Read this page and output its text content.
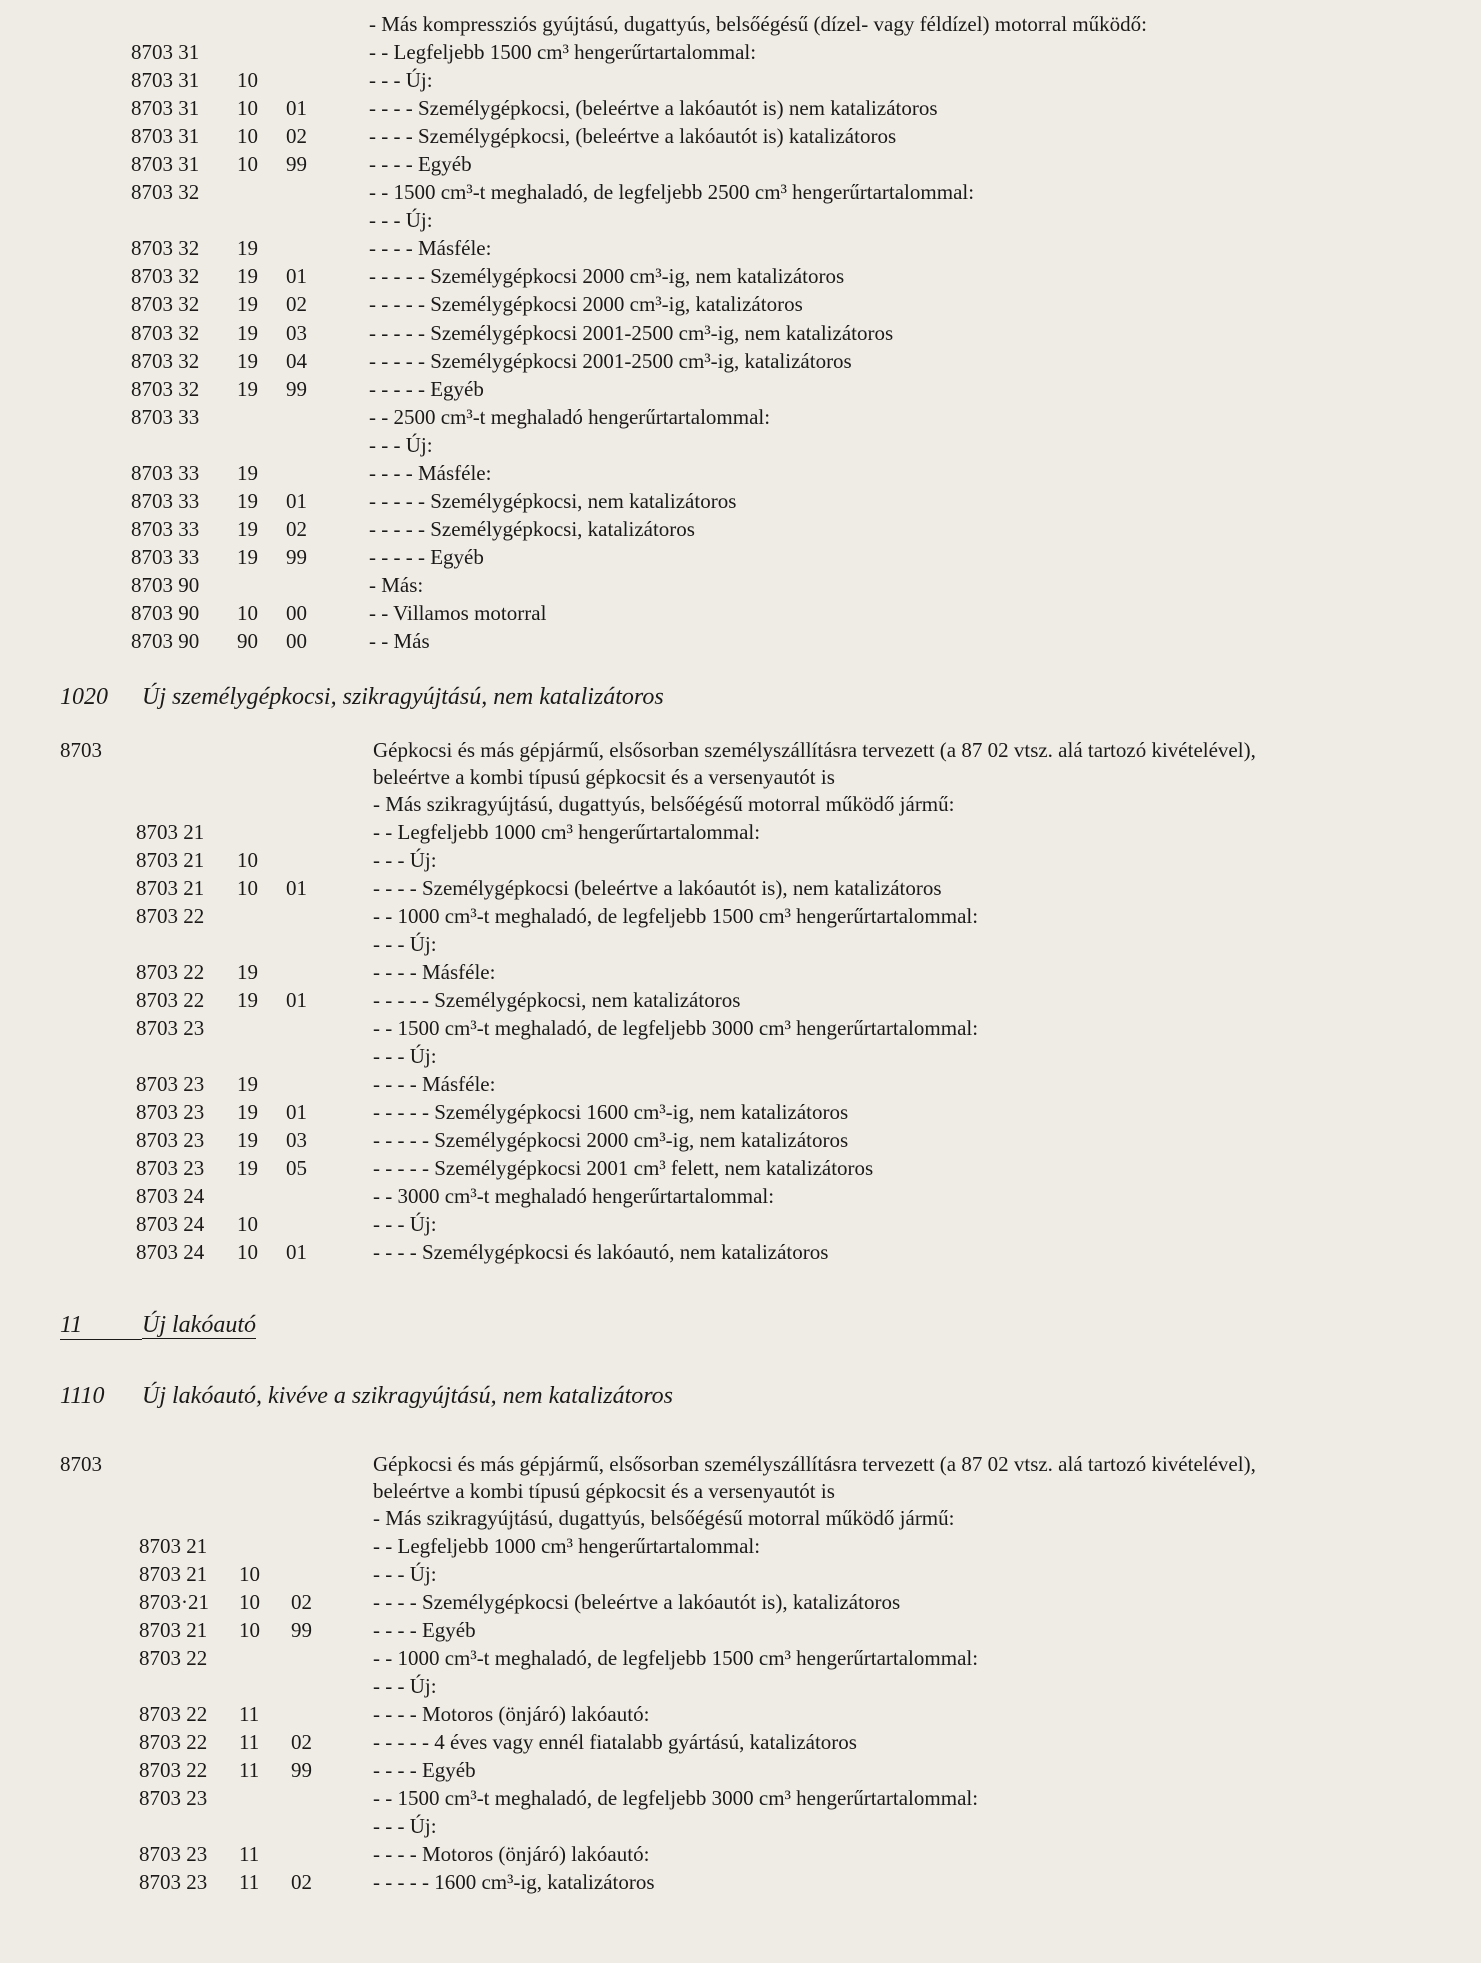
- Más kompressziós gyújtású, dugattyús, belsőégésű (dízel- vagy féldízel) motorral működő:
8703 31	- - Legfeljebb 1500 cm³ hengerűrtartalommal:
8703 31 10	- - - Új:
8703 31 10 01	- - - - Személygépkocsi, (beleértve a lakóautót is) nem katalizátoros
8703 31 10 02	- - - - Személygépkocsi, (beleértve a lakóautót is) katalizátoros
8703 31 10 99	- - - - Egyéb
8703 32	- - 1500 cm³-t meghaladó, de legfeljebb 2500 cm³ hengerűrtartalommal:
- - - Új:
8703 32 19	- - - - Másféle:
8703 32 19 01	- - - - - Személygépkocsi 2000 cm³-ig, nem katalizátoros
8703 32 19 02	- - - - - Személygépkocsi 2000 cm³-ig, katalizátoros
8703 32 19 03	- - - - - Személygépkocsi 2001-2500 cm³-ig, nem katalizátoros
8703 32 19 04	- - - - - Személygépkocsi 2001-2500 cm³-ig, katalizátoros
8703 32 19 99	- - - - - Egyéb
8703 33	- - 2500 cm³-t meghaladó hengerűrtartalommal:
- - - Új:
8703 33 19	- - - - Másféle:
8703 33 19 01	- - - - - Személygépkocsi, nem katalizátoros
8703 33 19 02	- - - - - Személygépkocsi, katalizátoros
8703 33 19 99	- - - - - Egyéb
8703 90	- Más:
8703 90 10 00	- - Villamos motorral
8703 90 90 00	- - Más
1020 Új személygépkocsi, szikragyújtású, nem katalizátoros
8703	Gépkocsi és más gépjármű, elsősorban személyszállításra tervezett (a 87 02 vtsz. alá tartozó kivételével),
beleértve a kombi típusú gépkocsit és a versenyautót is
- Más szikragyújtású, dugattyús, belsőégésű motorral működő jármű:
8703 21	- - Legfeljebb 1000 cm³ hengerűrtartalommal:
8703 21 10	- - - Új:
8703 21 10 01	- - - - Személygépkocsi (beleértve a lakóautót is), nem katalizátoros
8703 22	- - 1000 cm³-t meghaladó, de legfeljebb 1500 cm³ hengerűrtartalommal:
- - - Új:
8703 22 19	- - - - Másféle:
8703 22 19 01	- - - - - Személygépkocsi, nem katalizátoros
8703 23	- - 1500 cm³-t meghaladó, de legfeljebb 3000 cm³ hengerűrtartalommal:
- - - Új:
8703 23 19	- - - - Másféle:
8703 23 19 01	- - - - - Személygépkocsi 1600 cm³-ig, nem katalizátoros
8703 23 19 03	- - - - - Személygépkocsi 2000 cm³-ig, nem katalizátoros
8703 23 19 05	- - - - - Személygépkocsi 2001 cm³ felett, nem katalizátoros
8703 24	- - 3000 cm³-t meghaladó hengerűrtartalommal:
8703 24 10	- - - Új:
8703 24 10 01	- - - - Személygépkocsi és lakóautó, nem katalizátoros
11 Új lakóautó
1110 Új lakóautó, kivéve a szikragyújtású, nem katalizátoros
8703	Gépkocsi és más gépjármű, elsősorban személyszállításra tervezett (a 87 02 vtsz. alá tartozó kivételével),
beleértve a kombi típusú gépkocsit és a versenyautót is
- Más szikragyújtású, dugattyús, belsőégésű motorral működő jármű:
8703 21	- - Legfeljebb 1000 cm³ hengerűrtartalommal:
8703 21 10	- - - Új:
8703·21 10 02	- - - - Személygépkocsi (beleértve a lakóautót is), katalizátoros
8703 21 10 99	- - - - Egyéb
8703 22	- - 1000 cm³-t meghaladó, de legfeljebb 1500 cm³ hengerűrtartalommal:
- - - Új:
8703 22 11	- - - - Motoros (önjáró) lakóautó:
8703 22 11 02	- - - - - 4 éves vagy ennél fiatalabb gyártású, katalizátoros
8703 22 11 99	- - - - Egyéb
8703 23	- - 1500 cm³-t meghaladó, de legfeljebb 3000 cm³ hengerűrtartalommal:
- - - Új:
8703 23 11	- - - - Motoros (önjáró) lakóautó:
8703 23 11 02	- - - - - 1600 cm³-ig, katalizátoros
